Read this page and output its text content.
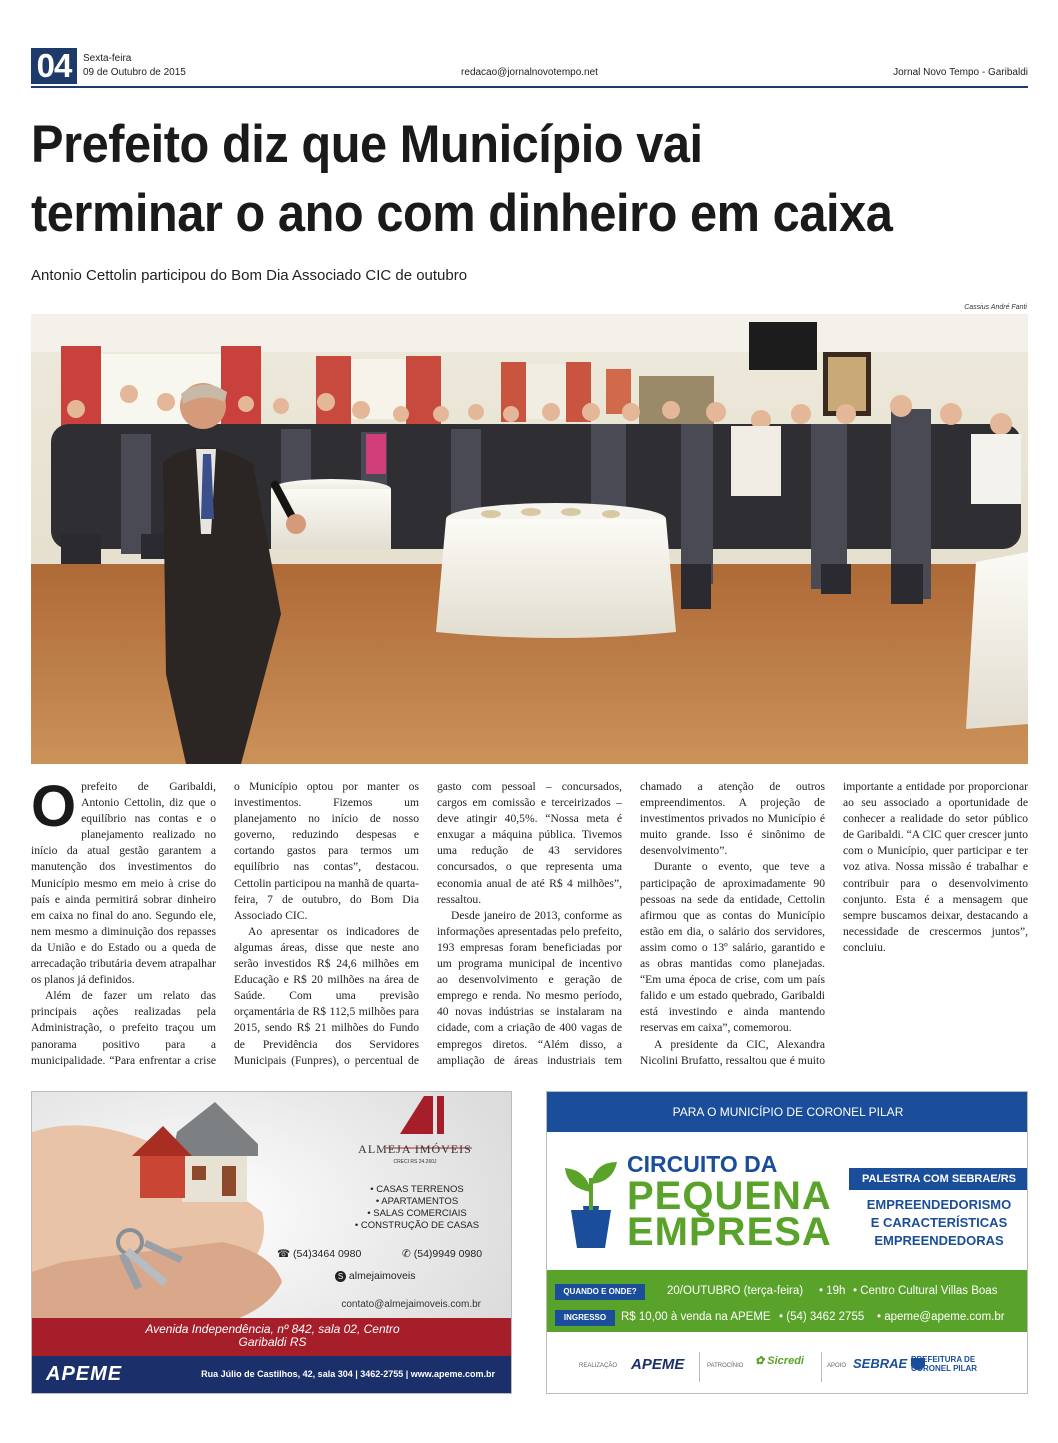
04	Sexta-feira
09 de Outubro de 2015	redacao@jornalnovotempo.net	Jornal Novo Tempo - Garibaldi
Prefeito diz que Município vai
terminar o ano com dinheiro em caixa
Antonio Cettolin participou do Bom Dia Associado CIC de outubro
Cassius André Fanti

Oprefeito de Garibaldi, Antonio Cettolin, diz que o equilíbrio nas contas e o planejamento realizado no início da atual gestão garantem a manutenção dos investimentos do Município mesmo em meio à crise do país e ainda permitirá sobrar dinheiro em caixa no final do ano. Segundo ele, nem mesmo a diminuição dos repasses da União e do Estado ou a queda de arrecadação tributária devem atrapalhar os planos já definidos.

Além de fazer um relato das principais ações realizadas pela Administração, o prefeito traçou um panorama positivo para a municipalidade. “Para enfrentar a crise o Município optou por manter os investimentos. Fizemos um planejamento no início de nosso governo, reduzindo despesas e cortando gastos para termos um equilíbrio nas contas”, destacou. Cettolin participou na manhã de quarta-feira, 7 de outubro, do Bom Dia Associado CIC.

Ao apresentar os indicadores de algumas áreas, disse que neste ano serão investidos R$ 24,6 milhões em Educação e R$ 20 milhões na área de Saúde. Com uma previsão orçamentária de R$ 112,5 milhões para 2015, sendo R$ 21 milhões do Fundo de Previdência dos Servidores Municipais (Funpres), o percentual de gasto com pessoal – concursados, cargos em comissão e terceirizados – deve atingir 40,5%. “Nossa meta é enxugar a máquina pública. Tivemos uma redução de 43 servidores concursados, o que representa uma economia anual de até R$ 4 milhões”, ressaltou.

Desde janeiro de 2013, conforme as informações apresentadas pelo prefeito, 193 empresas foram beneficiadas por um programa municipal de incentivo ao desenvolvimento e geração de emprego e renda. No mesmo período, 40 novas indústrias se instalaram na cidade, com a criação de 400 vagas de empregos diretos. “Além disso, a ampliação de áreas industriais tem chamado a atenção de outros empreendimentos. A projeção de investimentos privados no Município é muito grande. Isso é sinônimo de desenvolvimento”.

Durante o evento, que teve a participação de aproximadamente 90 pessoas na sede da entidade, Cettolin afirmou que as contas do Município estão em dia, o salário dos servidores, assim como o 13º salário, garantido e as obras mantidas como planejadas. “Em uma época de crise, com um país falido e um estado quebrado, Garibaldi está investindo e ainda mantendo reservas em caixa”, comemorou.

A presidente da CIC, Alexandra Nicolini Brufatto, ressaltou que é muito importante a entidade por proporcionar ao seu associado a oportunidade de conhecer a realidade do setor público de Garibaldi. “A CIC quer crescer junto com o Município, quer participar e ter voz ativa. Nossa missão é trabalhar e contribuir para o desenvolvimento conjunto. Esta é a mensagem que sempre buscamos deixar, destacando a necessidade de crescermos juntos”, concluiu.

ALMEJA IMÓVEIS
CRECI RS 24.260J
• CASAS TERRENOS
• APARTAMENTOS
• SALAS COMERCIAIS
• CONSTRUÇÃO DE CASAS
☎ (54)3464 0980	✆ (54)9949 0980
S almejaimoveis
contato@almejaimoveis.com.br
Avenida Independência, nº 842, sala 02, Centro
Garibaldi RS
APEME	Rua Júlio de Castilhos, 42, sala 304 | 3462-2755 | www.apeme.com.br
PARA O MUNICÍPIO DE CORONEL PILAR
CIRCUITO DA
PEQUENA
EMPRESA
PALESTRA COM SEBRAE/RS
EMPREENDEDORISMO
E CARACTERÍSTICAS
EMPREENDEDORAS
QUANDO E ONDE?	20/OUTUBRO (terça-feira) • 19h • Centro Cultural Villas Boas
INGRESSO	R$ 10,00 à venda na APEME • (54) 3462 2755 • apeme@apeme.com.br
REALIZAÇÃO APEME	PATROCÍNIO ✿ Sicredi	APOIO SEBRAE PREFEITURA DE
CORONEL PILAR
